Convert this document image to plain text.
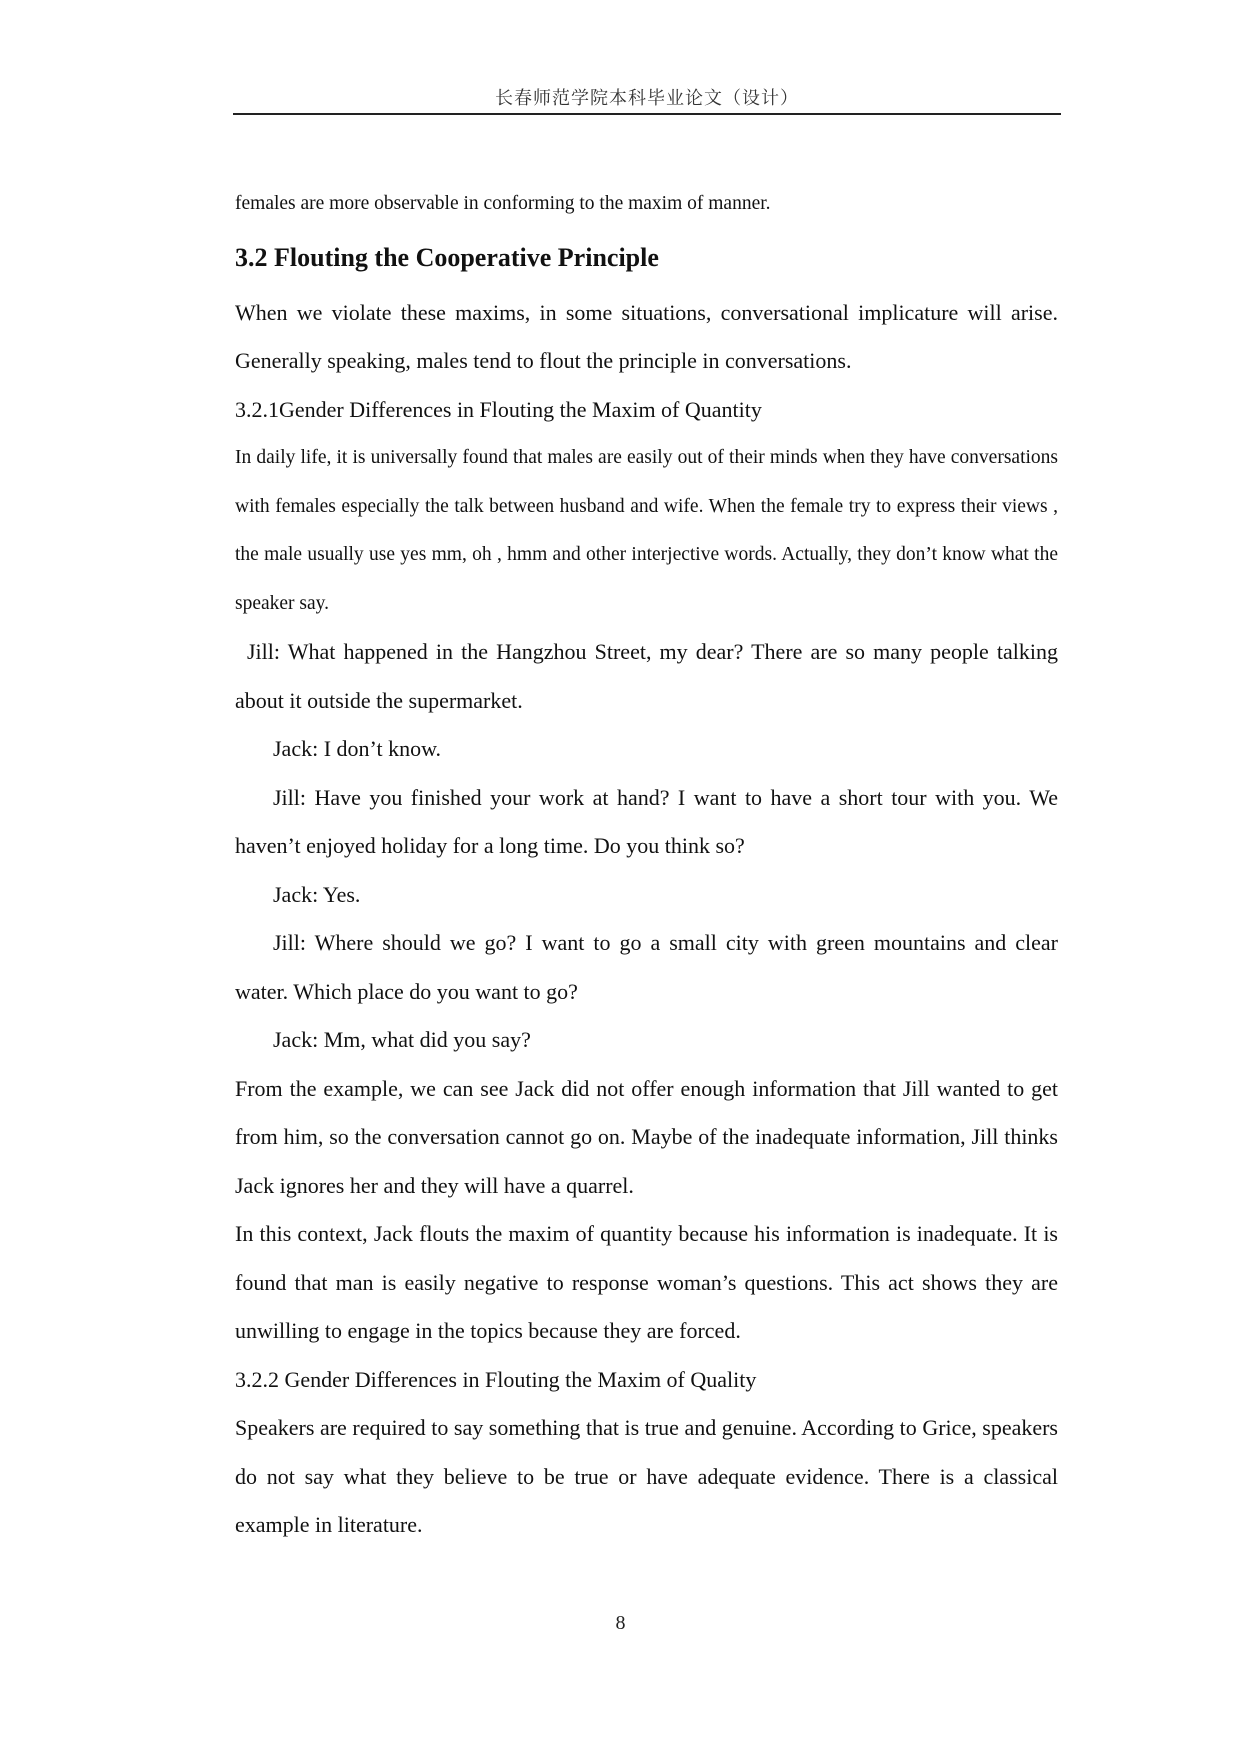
长春师范学院本科毕业论文（设计）

females are more observable in conforming to the maxim of manner.

3.2 Flouting the Cooperative Principle

When we violate these maxims, in some situations, conversational implicature will arise. Generally speaking, males tend to flout the principle in conversations.

3.2.1Gender Differences in Flouting the Maxim of Quantity

In daily life, it is universally found that males are easily out of their minds when they have conversations with females especially the talk between husband and wife. When the female try to express their views , the male usually use yes mm, oh , hmm and other interjective words. Actually, they don’t know what the speaker say.

Jill: What happened in the Hangzhou Street, my dear? There are so many people talking about it outside the supermarket.

Jack: I don’t know.

Jill: Have you finished your work at hand? I want to have a short tour with you. We haven’t enjoyed holiday for a long time. Do you think so?

Jack: Yes.

Jill: Where should we go? I want to go a small city with green mountains and clear water. Which place do you want to go?

Jack: Mm, what did you say?

From the example, we can see Jack did not offer enough information that Jill wanted to get from him, so the conversation cannot go on. Maybe of the inadequate information, Jill thinks Jack ignores her and they will have a quarrel.

In this context, Jack flouts the maxim of quantity because his information is inadequate. It is found that man is easily negative to response woman’s questions. This act shows they are unwilling to engage in the topics because they are forced.

3.2.2 Gender Differences in Flouting the Maxim of Quality

Speakers are required to say something that is true and genuine. According to Grice, speakers do not say what they believe to be true or have adequate evidence. There is a classical example in literature.

8
